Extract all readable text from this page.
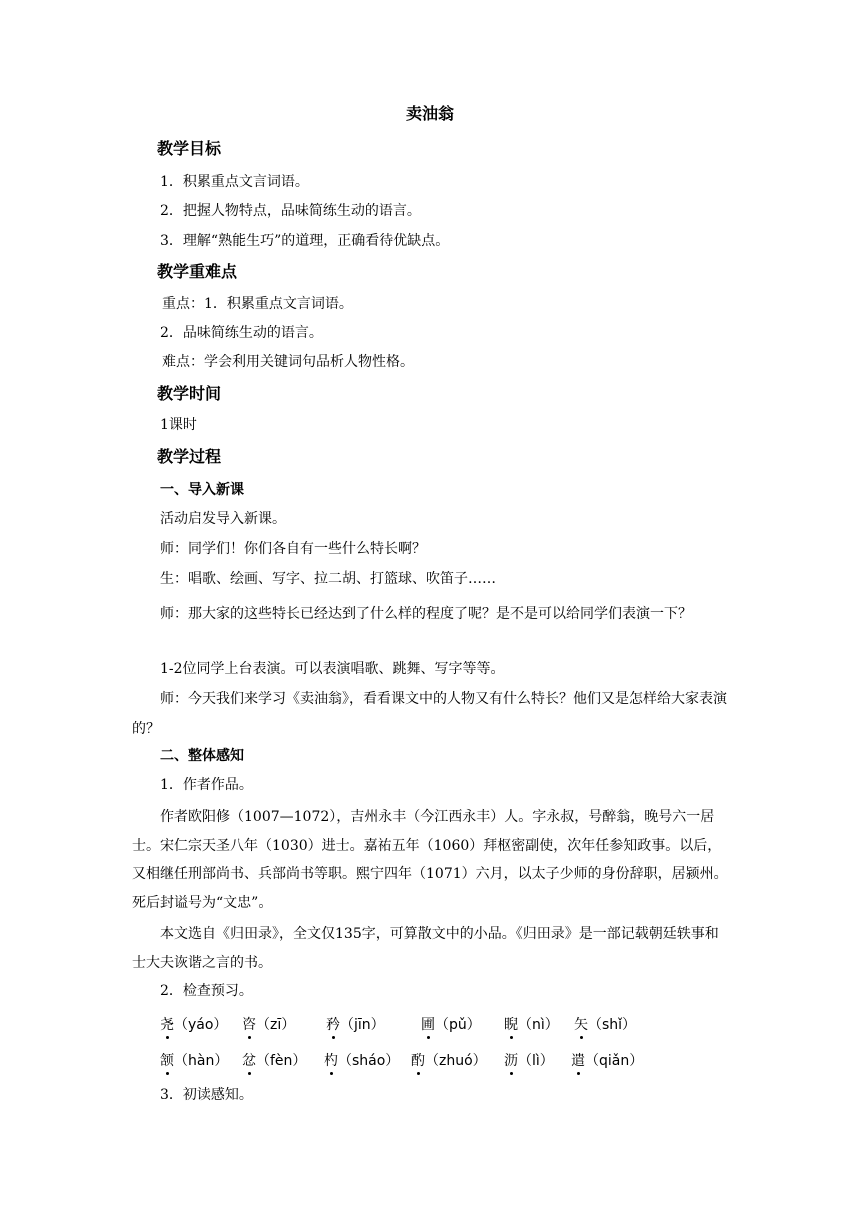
卖油翁
教学目标
1．积累重点文言词语。
2．把握人物特点，品味简练生动的语言。
3．理解“熟能生巧”的道理，正确看待优缺点。
教学重难点
重点：1．积累重点文言词语。
2．品味简练生动的语言。
难点：学会利用关键词句品析人物性格。
教学时间
1课时
教学过程
一、导入新课
活动启发导入新课。
师：同学们！你们各自有一些什么特长啊？
生：唱歌、绘画、写字、拉二胡、打篮球、吹笛子……
师：那大家的这些特长已经达到了什么样的程度了呢？是不是可以给同学们表演一下？
1-2位同学上台表演。可以表演唱歌、跳舞、写字等等。
师：今天我们来学习《卖油翁》，看看课文中的人物又有什么特长？他们又是怎样给大家表演的？
二、整体感知
1．作者作品。
作者欧阳修（1007—1072），吉州永丰（今江西永丰）人。字永叔，号醉翁，晚号六一居士。宋仁宗天圣八年（1030）进士。嘉祐五年（1060）拜枢密副使，次年任参知政事。以后，又相继任刑部尚书、兵部尚书等职。熙宁四年（1071）六月，以太子少师的身份辞职，居颍州。死后封谥号为“文忠”。
本文选自《归田录》，全文仅135字，可算散文中的小品。《归田录》是一部记载朝廷轶事和士大夫诙谐之言的书。
2．检查预习。
尧（yáo） 咨（zī） 矜（jīn）	圃（pǔ） 睨（nì） 矢（shǐ）
颔（hàn） 忿（fèn） 杓（sháo） 酌（zhuó） 沥（lì） 遣（qiǎn）
3．初读感知。
